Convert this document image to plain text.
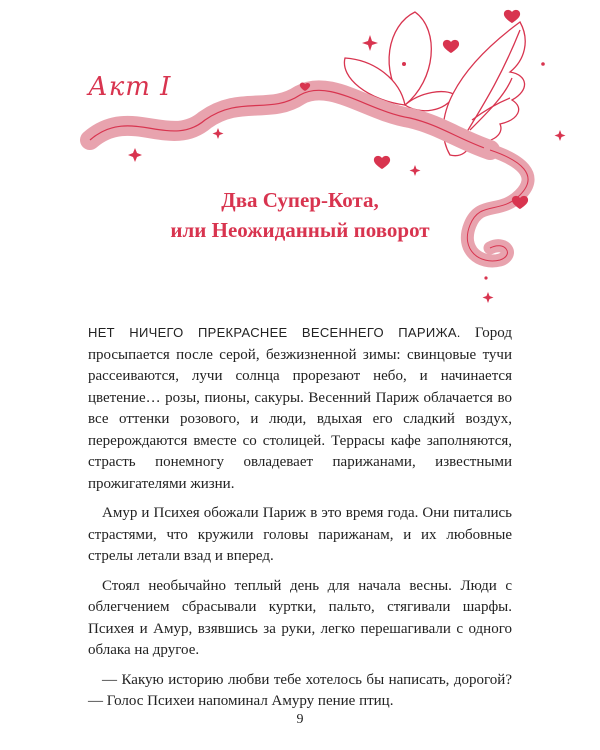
Акт I
Два Супер-Кота,
или Неожиданный поворот

НЕТ НИЧЕГО ПРЕКРАСНЕЕ ВЕСЕННЕГО ПАРИЖА. Город просыпается после серой, безжизненной зимы: свинцовые тучи рассеиваются, лучи солнца прорезают небо, и начинается цветение… розы, пионы, сакуры. Весенний Париж облачается во все оттенки розового, и люди, вдыхая его сладкий воздух, перерождаются вместе со столицей. Террасы кафе заполняются, страсть понемногу овладевает парижанами, известными прожигателями жизни.

Амур и Психея обожали Париж в это время года. Они питались страстями, что кружили головы парижанам, и их любовные стрелы летали взад и вперед.

Стоял необычайно теплый день для начала весны. Люди с облегчением сбрасывали куртки, пальто, стягивали шарфы. Психея и Амур, взявшись за руки, легко перешагивали с одного облака на другое.

— Какую историю любви тебе хотелось бы написать, дорогой? — Голос Психеи напоминал Амуру пение птиц.

9
